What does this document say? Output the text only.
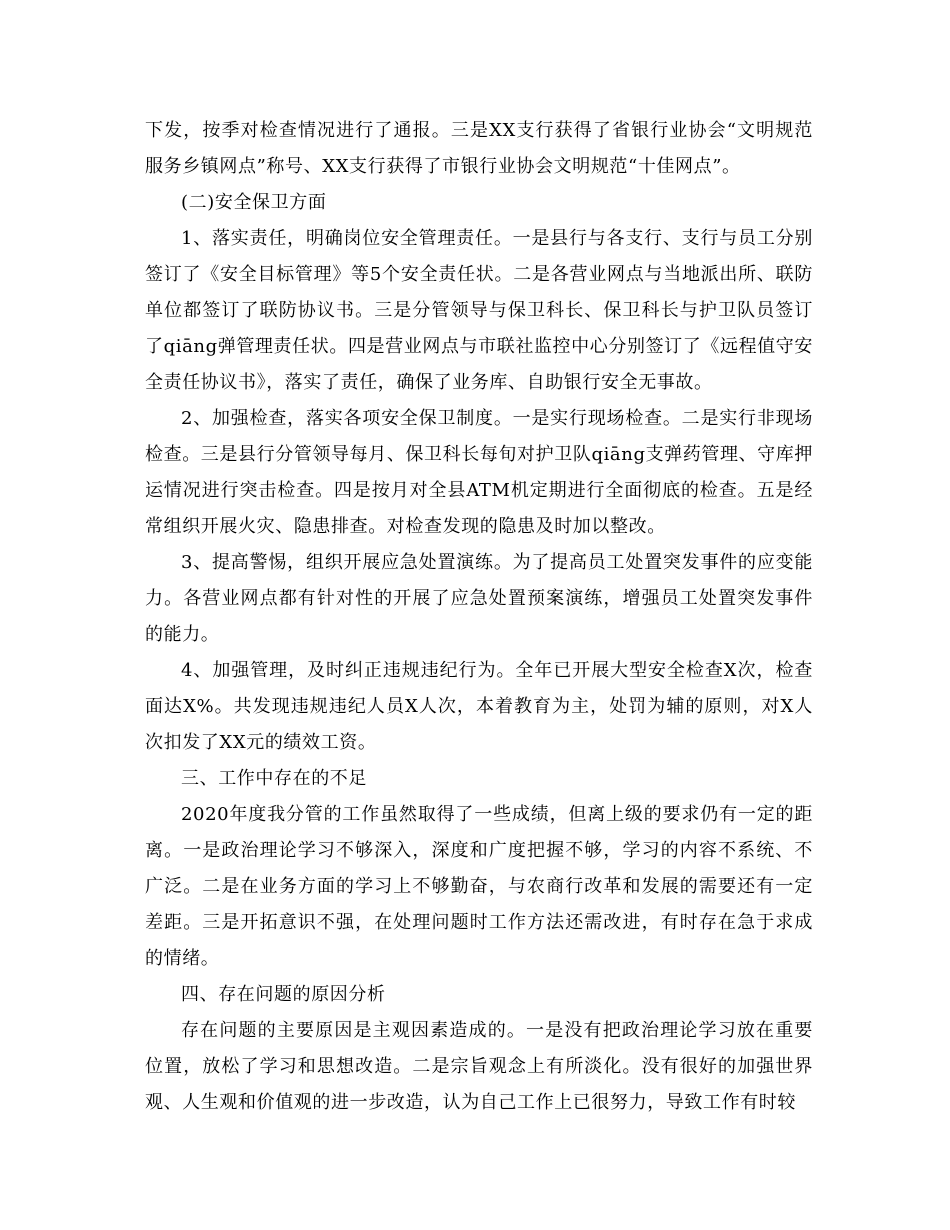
下发，按季对检查情况进行了通报。三是XX支行获得了省银行业协会“文明规范服务乡镇网点”称号、XX支行获得了市银行业协会文明规范“十佳网点”。

(二)安全保卫方面

1、落实责任，明确岗位安全管理责任。一是县行与各支行、支行与员工分别签订了《安全目标管理》等5个安全责任状。二是各营业网点与当地派出所、联防单位都签订了联防协议书。三是分管领导与保卫科长、保卫科长与护卫队员签订了qiāng弹管理责任状。四是营业网点与市联社监控中心分别签订了《远程值守安全责任协议书》，落实了责任，确保了业务库、自助银行安全无事故。

2、加强检查，落实各项安全保卫制度。一是实行现场检查。二是实行非现场检查。三是县行分管领导每月、保卫科长每旬对护卫队qiāng支弹药管理、守库押运情况进行突击检查。四是按月对全县ATM机定期进行全面彻底的检查。五是经常组织开展火灾、隐患排查。对检查发现的隐患及时加以整改。

3、提高警惕，组织开展应急处置演练。为了提高员工处置突发事件的应变能力。各营业网点都有针对性的开展了应急处置预案演练，增强员工处置突发事件的能力。

4、加强管理，及时纠正违规违纪行为。全年已开展大型安全检查X次，检查面达X%。共发现违规违纪人员X人次，本着教育为主，处罚为辅的原则，对X人次扣发了XX元的绩效工资。

三、工作中存在的不足

2020年度我分管的工作虽然取得了一些成绩，但离上级的要求仍有一定的距离。一是政治理论学习不够深入，深度和广度把握不够，学习的内容不系统、不广泛。二是在业务方面的学习上不够勤奋，与农商行改革和发展的需要还有一定差距。三是开拓意识不强，在处理问题时工作方法还需改进，有时存在急于求成的情绪。

四、存在问题的原因分析

存在问题的主要原因是主观因素造成的。一是没有把政治理论学习放在重要位置，放松了学习和思想改造。二是宗旨观念上有所淡化。没有很好的加强世界观、人生观和价值观的进一步改造，认为自己工作上已很努力，导致工作有时较
